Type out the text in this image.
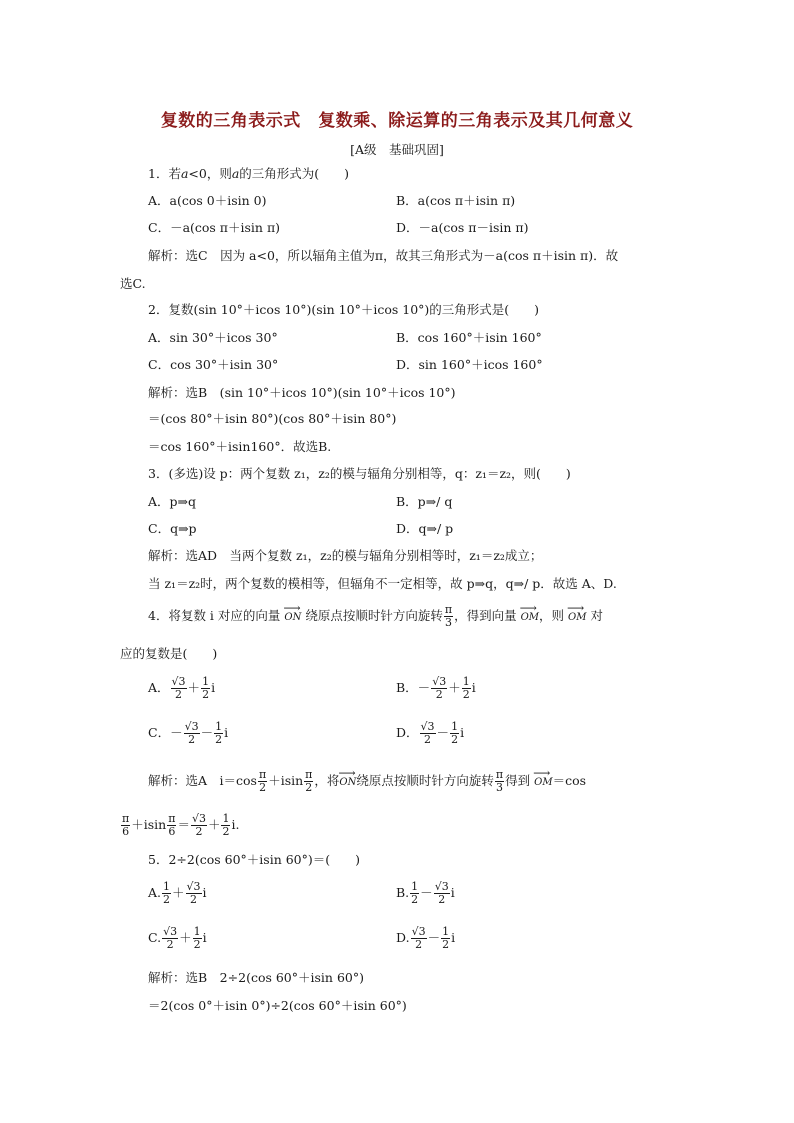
复数的三角表示式　复数乘、除运算的三角表示及其几何意义
[A级　基础巩固]
1．若a<0，则a的三角形式为(　　)
A．a(cos 0＋isin 0)	B．a(cos π＋isin π)
C．－a(cos π＋isin π)	D．－a(cos π－isin π)
解析：选C　因为 a<0，所以辐角主值为π，故其三角形式为－a(cos π＋isin π)．故
选C.
2．复数(sin 10°＋icos 10°)(sin 10°＋icos 10°)的三角形式是(　　)
A．sin 30°＋icos 30°	B．cos 160°＋isin 160°
C．cos 30°＋isin 30°	D．sin 160°＋icos 160°
解析：选B　(sin 10°＋icos 10°)(sin 10°＋icos 10°)
＝(cos 80°＋isin 80°)(cos 80°＋isin 80°)
＝cos 160°＋isin160°．故选B.
3．(多选)设 p：两个复数 z₁，z₂的模与辐角分别相等，q：z₁＝z₂，则(　　)
A．p⇒q	B．p⇒/ q
C．q⇒p	D．q⇒/ p
解析：选AD　当两个复数 z₁，z₂的模与辐角分别相等时，z₁＝z₂成立；
当 z₁＝z₂时，两个复数的模相等，但辐角不一定相等，故 p⇒q，q⇒/ p．故选 A、D.
4．将复数 i 对应的向量 ⟶ ON 绕原点按顺时针方向旋转 $\frac{\pi}{3}$ ，得到向量 ⟶ OM，则 ⟶ OM 对
应的复数是(　　)
A． $\frac{√3}{2} + \frac{1}{2}$ i	B．－ $\frac{√3}{2} + \frac{1}{2}$ i
C．－ $\frac{√3}{2} - \frac{1}{2}$ i	D． $\frac{√3}{2} - \frac{1}{2}$ i
解析：选A　$i=\cos \frac{\pi}{2} +isin \frac{\pi}{2}$ ，将⟶ ON绕原点按顺时针方向旋转 $\frac{\pi}{3}$ 得到 ⟶ OM＝cos
$\frac{\pi}{6} +isin \frac{\pi}{6} = \frac{√3}{2} + \frac{1}{2} i$.
5．2÷2(cos 60°＋isin 60°)＝(　　)
A. $\frac{1}{2} + \frac{√3}{2}$ i	B. $\frac{1}{2} - \frac{√3}{2}$ i
C. $\frac{√3}{2} + \frac{1}{2}$ i	D. $\frac{√3}{2} - \frac{1}{2}$ i
解析：选B　2÷2(cos 60°＋isin 60°)
＝2(cos 0°＋isin 0°)÷2(cos 60°＋isin 60°)
